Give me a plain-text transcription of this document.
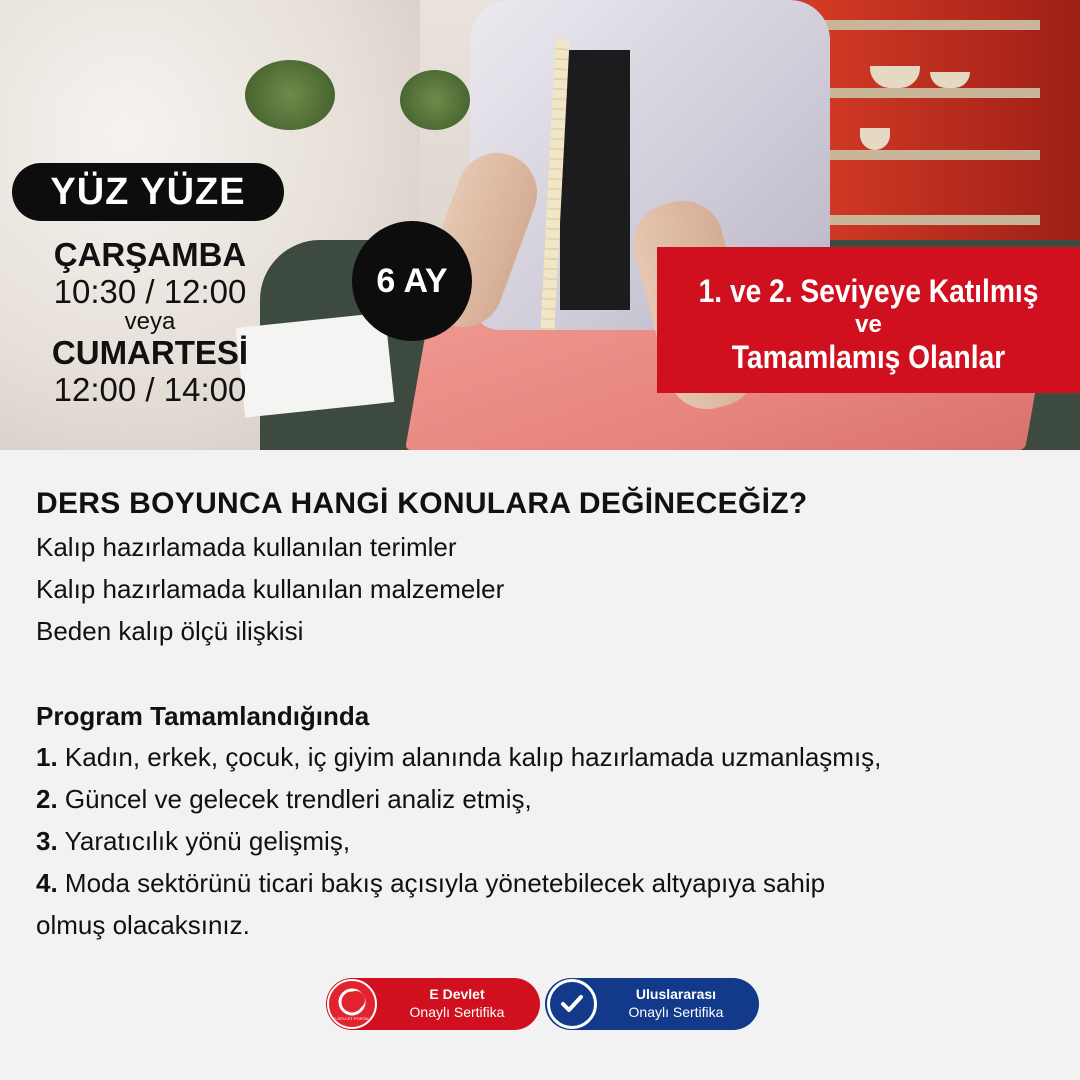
YÜZ YÜZE
ÇARŞAMBA
10:30 / 12:00
veya
CUMARTESİ
12:00 / 14:00
6 AY	1. ve 2. Seviyeye Katılmış
ve
Tamamlamış Olanlar
DERS BOYUNCA HANGİ KONULARA DEĞİNECEĞİZ?
Kalıp hazırlamada kullanılan terimler
Kalıp hazırlamada kullanılan malzemeler
Beden kalıp ölçü ilişkisi
Program Tamamlandığında
1. Kadın, erkek, çocuk, iç giyim alanında kalıp hazırlamada uzmanlaşmış,
2. Güncel ve gelecek trendleri analiz etmiş,
3. Yaratıcılık yönü gelişmiş,
4. Moda sektörünü ticari bakış açısıyla yönetebilecek altyapıya sahip
olmuş olacaksınız.
E-DEVLET PORTALI
E Devlet
Onaylı Sertifika
Uluslararası
Onaylı Sertifika
